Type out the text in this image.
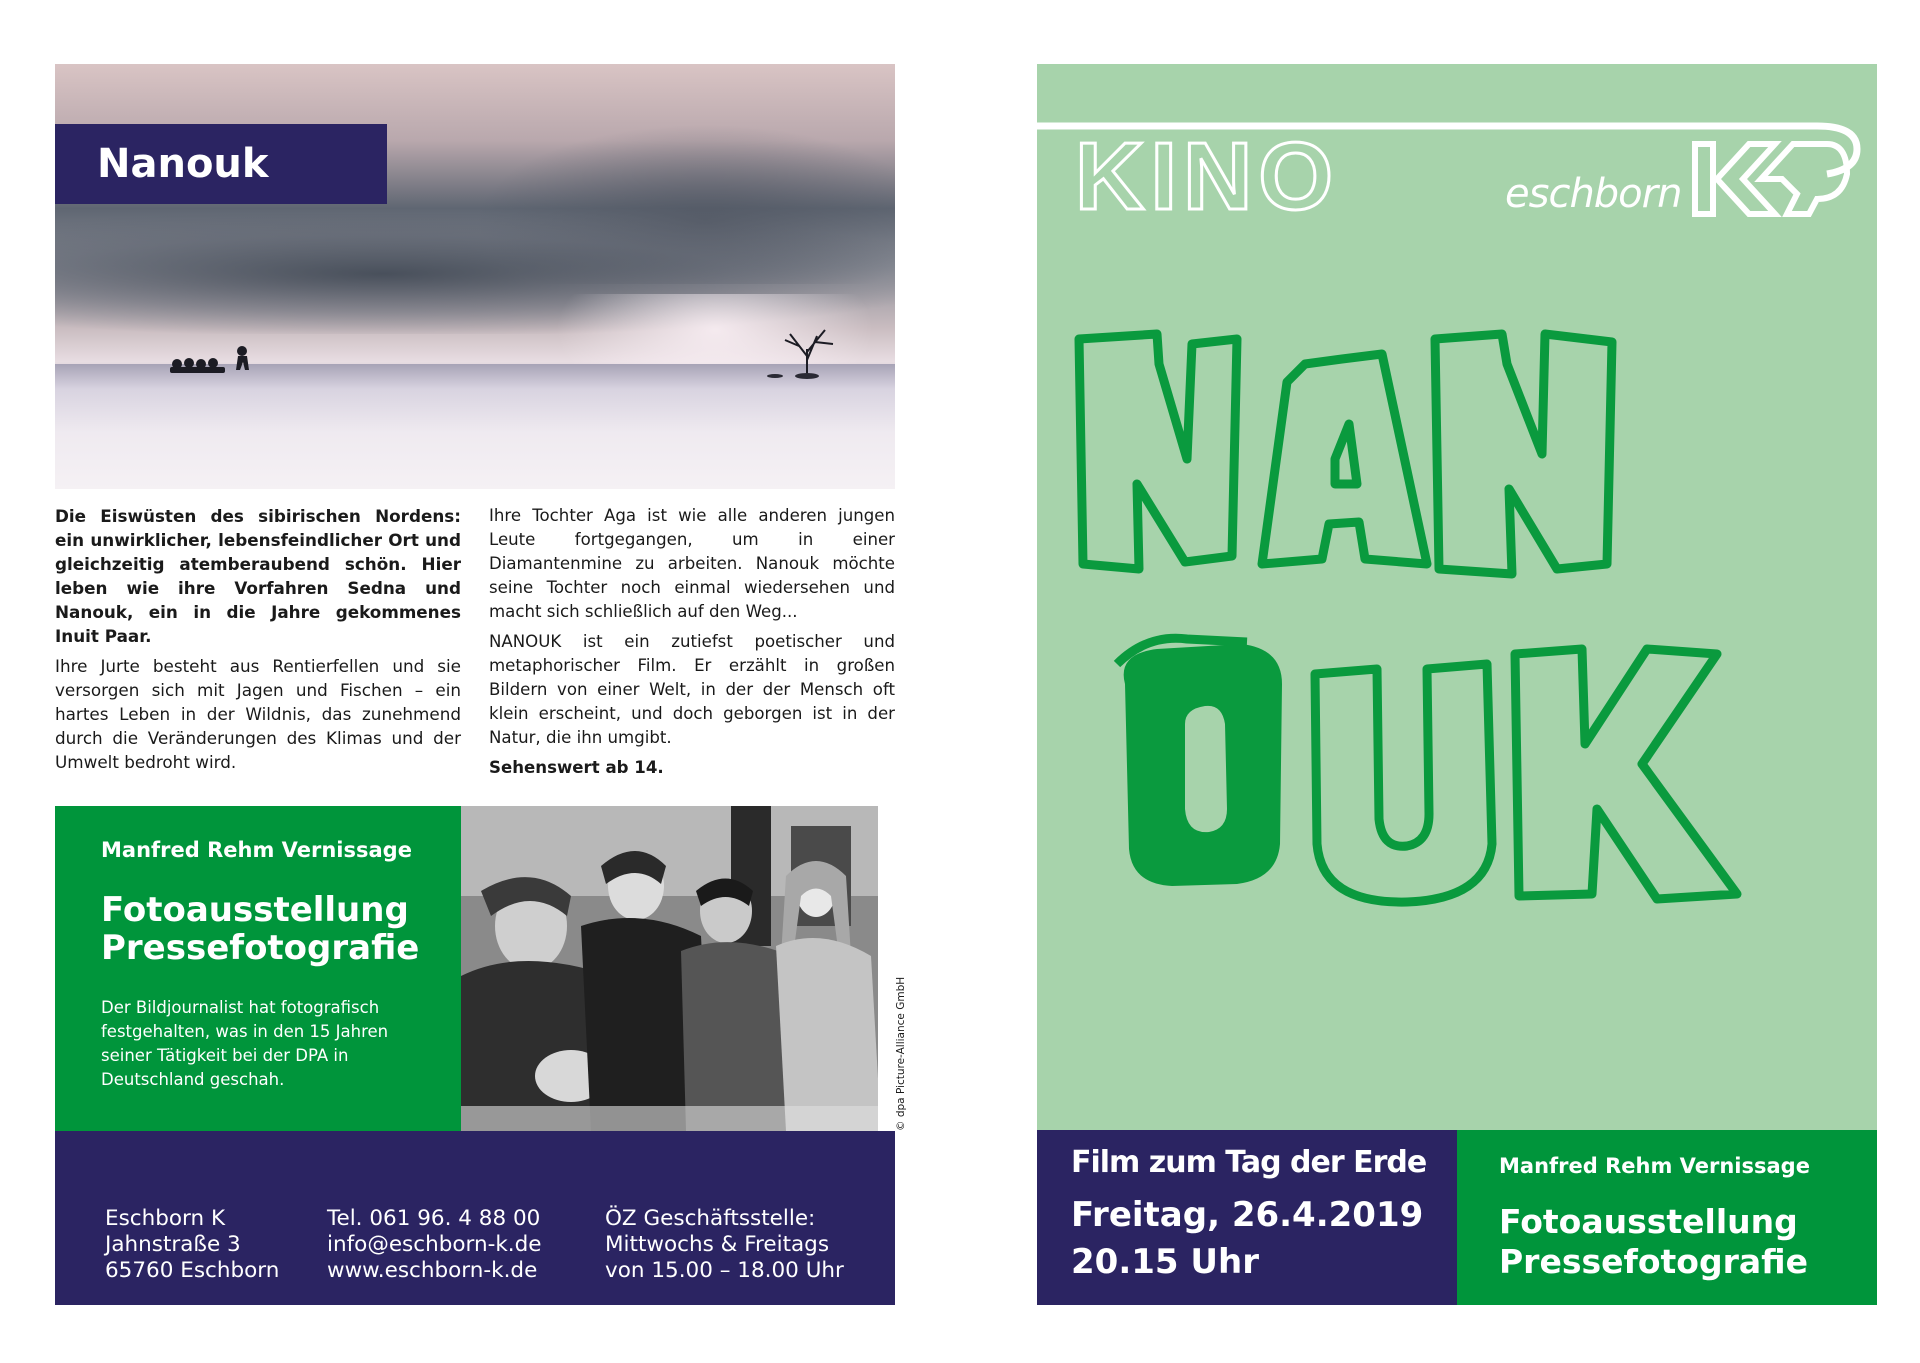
Nanouk

Die Eiswüsten des sibirischen Nordens: ein unwirklicher, lebensfeindlicher Ort und gleichzeitig atemberaubend schön. Hier leben wie ihre Vorfahren Sedna und Nanouk, ein in die Jahre gekommenes Inuit Paar.

Ihre Jurte besteht aus Rentierfellen und sie versorgen sich mit Jagen und Fischen – ein hartes Leben in der Wildnis, das zunehmend durch die Veränderungen des Klimas und der Umwelt bedroht wird.

Ihre Tochter Aga ist wie alle anderen jungen Leute fortgegangen, um in einer Diamantenmine zu arbeiten. Nanouk möchte seine Tochter noch einmal wiedersehen und macht sich schließlich auf den Weg...

NANOUK ist ein zutiefst poetischer und metaphorischer Film. Er erzählt in großen Bildern von einer Welt, in der der Mensch oft klein erscheint, und doch geborgen ist in der Natur, die ihn umgibt.

Sehenswert ab 14.

Manfred Rehm Vernissage
Fotoausstellung
Pressefotografie
Der Bildjournalist hat fotografisch festgehalten, was in den 15 Jahren seiner Tätigkeit bei der DPA in Deutschland geschah.	© dpa Picture-Alliance GmbH
Eschborn K
Jahnstraße 3
65760 Eschborn
Tel. 061 96. 4 88 00
info@eschborn-k.de
www.eschborn-k.de
ÖZ Geschäftsstelle:
Mittwochs & Freitags
von 15.00 – 18.00 Uhr
KINO	eschborn
Film zum Tag der Erde
Freitag, 26.4.2019
20.15 Uhr
Manfred Rehm Vernissage
Fotoausstellung
Pressefotografie
